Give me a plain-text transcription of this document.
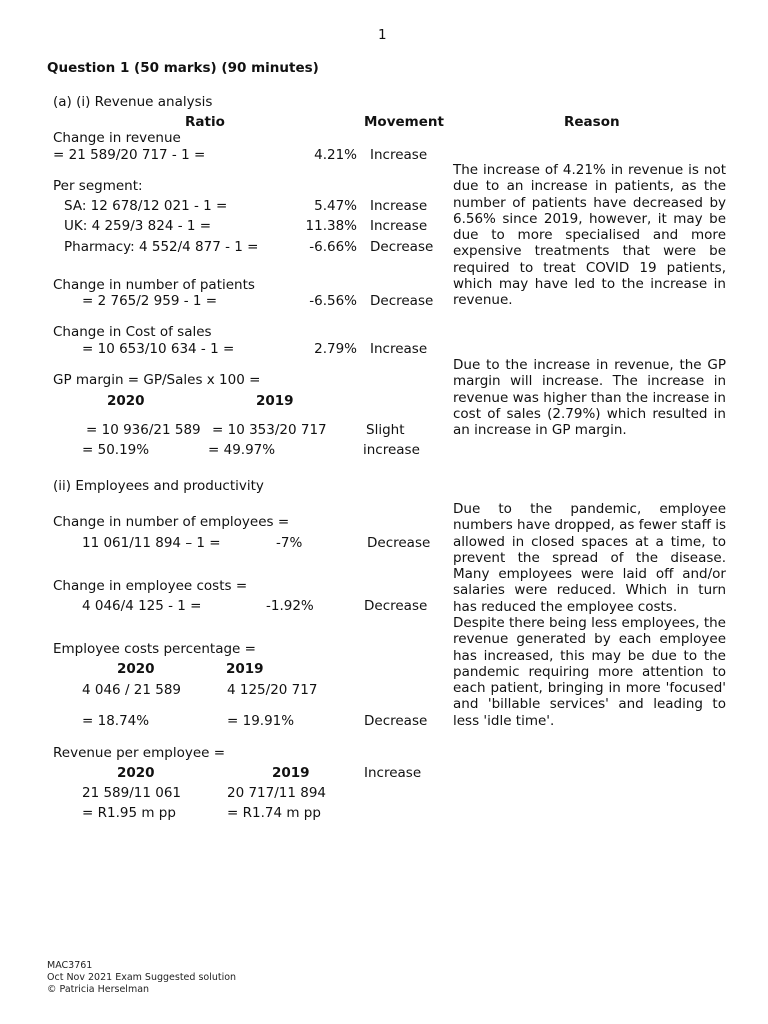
1
Question 1 (50 marks) (90 minutes)
(a) (i) Revenue analysis
Ratio	Movement	Reason
Change in revenue
= 21 589/20 717 - 1 =	4.21% Increase
Per segment:
SA: 12 678/12 021 - 1 =	5.47% Increase
UK: 4 259/3 824 - 1 =	11.38% Increase
Pharmacy: 4 552/4 877 - 1 =	-6.66% Decrease
Change in number of patients
= 2 765/2 959 - 1 =	-6.56% Decrease
Change in Cost of sales
= 10 653/10 634 - 1 =	2.79% Increase
GP margin = GP/Sales x 100 =
2020	2019
= 10 936/21 589 = 10 353/20 717	Slight
= 50.19%	= 49.97%	increase
The increase of 4.21% in revenue is not due to an increase in patients, as the number of patients have decreased by 6.56% since 2019, however, it may be due to more specialised and more expensive treatments that were be required to treat COVID 19 patients, which may have led to the increase in revenue.
Due to the increase in revenue, the GP margin will increase. The increase in revenue was higher than the increase in cost of sales (2.79%) which resulted in an increase in GP margin.
(ii) Employees and productivity
Change in number of employees =
11 061/11 894 – 1 =	-7%	Decrease
Change in employee costs =
4 046/4 125 - 1 =	-1.92%	Decrease
Employee costs percentage =
2020	2019
4 046 / 21 589	4 125/20 717
= 18.74%	= 19.91%	Decrease
Revenue per employee =
2020	2019	Increase
21 589/11 061	20 717/11 894
= R1.95 m pp	= R1.74 m pp
Due to the pandemic, employee numbers have dropped, as fewer staff is allowed in closed spaces at a time, to prevent the spread of the disease. Many employees were laid off and/or salaries were reduced. Which in turn has reduced the employee costs.
Despite there being less employees, the revenue generated by each employee has increased, this may be due to the pandemic requiring more attention to each patient, bringing in more 'focused' and 'billable services' and leading to less 'idle time'.
MAC3761
Oct Nov 2021 Exam Suggested solution
© Patricia Herselman
